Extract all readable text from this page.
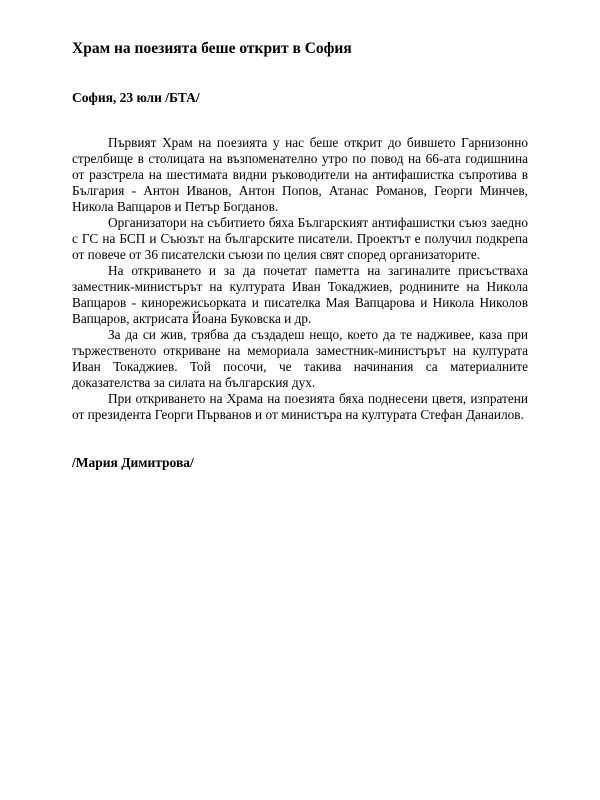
Храм на поезията беше открит в София

София, 23 юли /БТА/

Първият Храм на поезията у нас беше открит до бившето Гарнизонно стрелбище в столицата на възпоменателно утро по повод на 66-ата годишнина от разстрела на шестимата видни ръководители на антифашистка съпротива в България - Антон Иванов, Антон Попов, Атанас Романов, Георги Минчев, Никола Вапцаров и Петър Богданов.

Организатори на събитието бяха Българският антифашистки съюз заедно с ГС на БСП и Съюзът на българските писатели. Проектът е получил подкрепа от повече от 36 писателски съюзи по целия свят според организаторите.

На откриването и за да почетат паметта на загиналите присъстваха заместник-министърът на културата Иван Токаджиев, роднините на Никола Вапцаров - кинорежисьорката и писателка Мая Вапцарова и Никола Николов Вапцаров, актрисата Йоана Буковска и др.

За да си жив, трябва да създадеш нещо, което да те надживее, каза при тържественото откриване на мемориала заместник-министърът на културата Иван Токаджиев. Той посочи, че такива начинания са материалните доказателства за силата на българския дух.

При откриването на Храма на поезията бяха поднесени цветя, изпратени от президента Георги Първанов и от министъра на културата Стефан Данаилов.

/Мария Димитрова/
